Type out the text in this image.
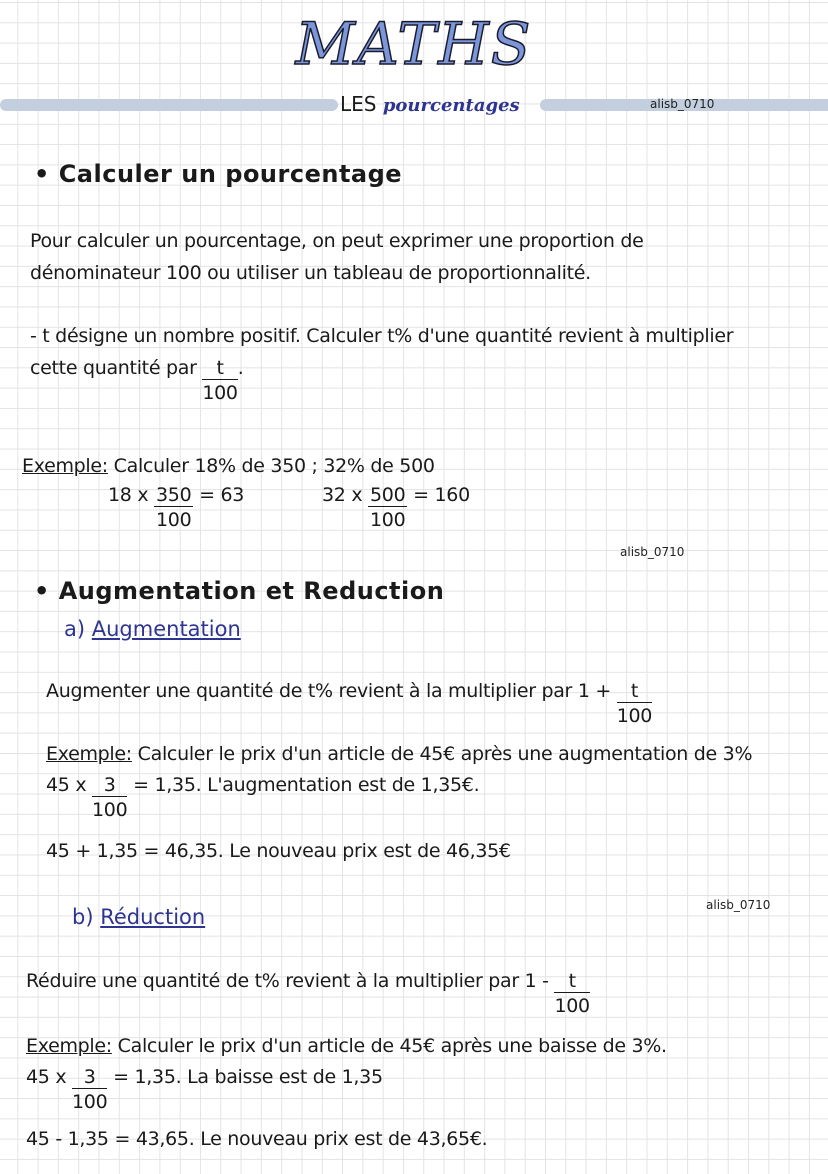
MATHS
LES pourcentages	alisb_0710
• Calculer un pourcentage
Pour calculer un pourcentage, on peut exprimer une proportion de
dénominateur 100 ou utiliser un tableau de proportionnalité.
- t désigne un nombre positif. Calculer t% d'une quantité revient à multiplier
cette quantité par $\frac{t}{100}$ .
Exemple: Calculer 18% de 350 ; 32% de 500
18 x $\frac{350}{100} = 63$	32 x $\frac{500}{100} = 160$
alisb_0710
• Augmentation et Reduction
a) Augmentation
Augmenter une quantité de t% revient à la multiplier par $1 + \frac{t}{100}$
Exemple: Calculer le prix d'un article de 45€ après une augmentation de 3%
45 x $\frac{3}{100} = 1,35$. L'augmentation est de 1,35€.
45 + 1,35 = 46,35. Le nouveau prix est de 46,35€
alisb_0710
b) Réduction
Réduire une quantité de t% revient à la multiplier par $1 - \frac{t}{100}$
Exemple: Calculer le prix d'un article de 45€ après une baisse de 3%.
45 x $\frac{3}{100} = 1,35$. La baisse est de 1,35
45 - 1,35 = 43,65. Le nouveau prix est de 43,65€.
